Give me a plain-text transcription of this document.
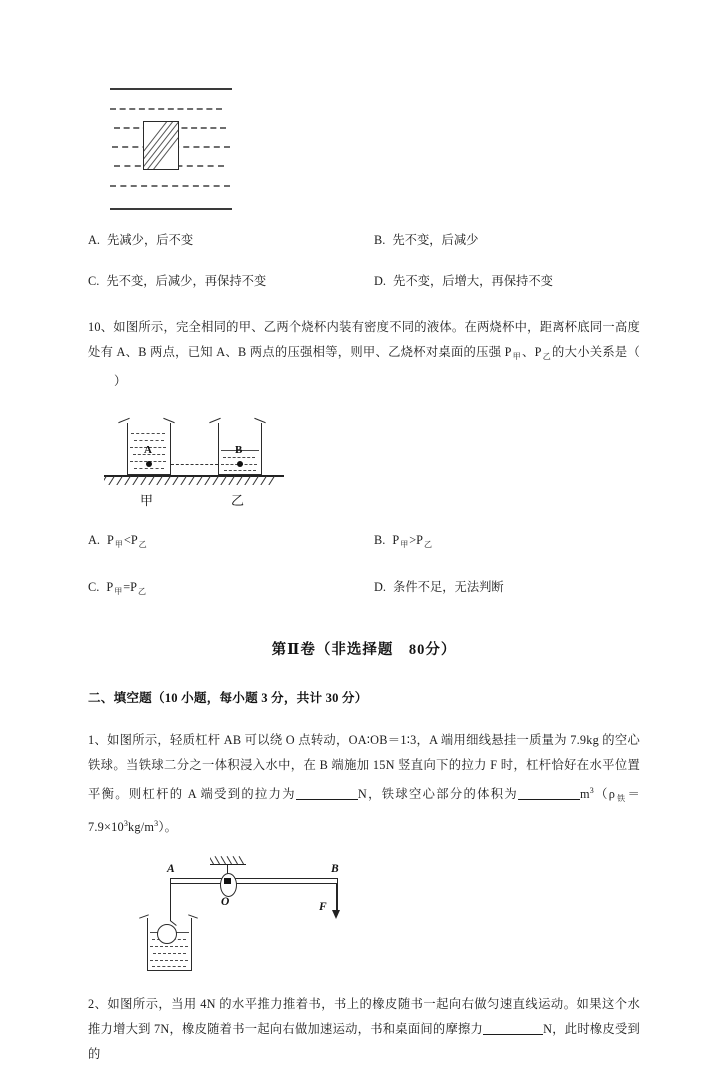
A. 先减少，后不变	B. 先不变，后减少
C. 先不变，后减少，再保持不变	D. 先不变，后增大，再保持不变
10、如图所示，完全相同的甲、乙两个烧杯内装有密度不同的液体。在两烧杯中，距离杯底同一高度处有 A、B 两点，已知 A、B 两点的压强相等，则甲、乙烧杯对桌面的压强 $P_甲$、$P_乙$的大小关系是（）
A	B
甲	乙
A. $P_甲<P_乙$	B. $P_甲>P_乙$
C. $P_甲=P_乙$	D. 条件不足，无法判断
第Ⅱ卷（非选择题　80分）
二、填空题（10 小题，每小题 3 分，共计 30 分）
1、如图所示，轻质杠杆 AB 可以绕 O 点转动，OA∶OB＝1∶3，A 端用细线悬挂一质量为 7.9kg 的空心铁球。当铁球二分之一体积浸入水中，在 B 端施加 15N 竖直向下的拉力 F 时，杠杆恰好在水平位置平衡。则杠杆的 A 端受到的拉力为	N，铁球空心部分的体积为	$m^3(\rho_铁=7.9\times 10^3kg/m^3)$。
O
A	B
F
2、如图所示，当用 4N 的水平推力推着书，书上的橡皮随书一起向右做匀速直线运动。如果这个水推力增大到 7N，橡皮随着书一起向右做加速运动，书和桌面间的摩擦力	N，此时橡皮受到的
